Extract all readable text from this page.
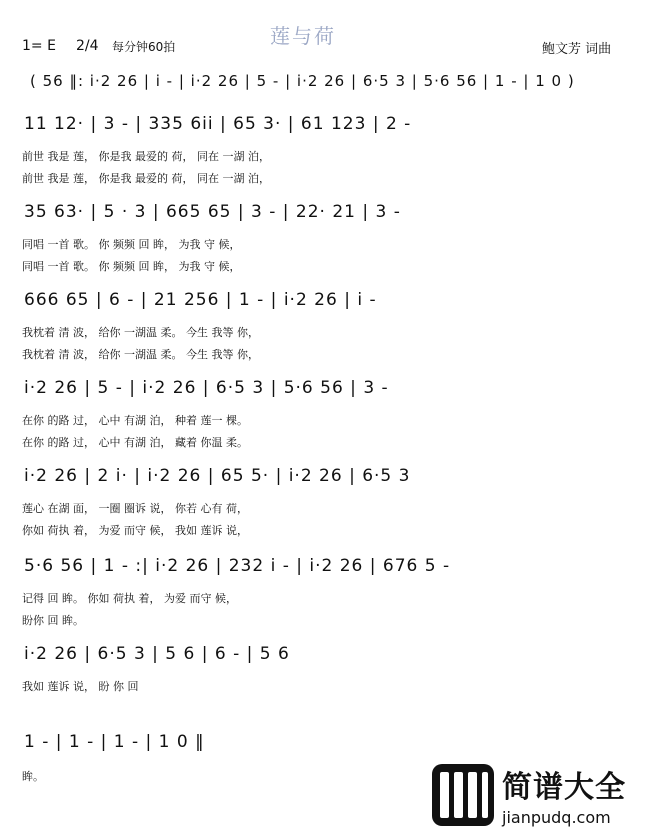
莲与荷
1= E 2/4 每分钟60拍	鲍文芳 词曲
( 56 ‖: i·2 26 | i - | i·2 26 | 5 - | i·2 26 | 6·5 3 | 5·6 56 | 1 - | 1 0 )
11 12· | 3 - | 335 6ii | 65 3· | 61 123 | 2 -
前世 我是 莲， 你是我 最爱的 荷， 同在 一湖 泊，
前世 我是 莲， 你是我 最爱的 荷， 同在 一湖 泊，
35 63· | 5 · 3 | 665 65 | 3 - | 22· 21 | 3 -
同唱 一首 歌。 你 频频 回 眸， 为我 守 候，
同唱 一首 歌。 你 频频 回 眸， 为我 守 候，
666 65 | 6 - | 21 256 | 1 - | i·2 26 | i -
我枕着 清 波， 给你 一湖温 柔。 今生 我等 你，
我枕着 清 波， 给你 一湖温 柔。 今生 我等 你，
i·2 26 | 5 - | i·2 26 | 6·5 3 | 5·6 56 | 3 -
在你 的路 过， 心中 有湖 泊， 种着 莲一 棵。
在你 的路 过， 心中 有湖 泊， 藏着 你温 柔。
i·2 26 | 2 i· | i·2 26 | 65 5· | i·2 26 | 6·5 3
莲心 在湖 面， 一圈 圈诉 说， 你若 心有 荷，
你如 荷执 着， 为爱 而守 候， 我如 莲诉 说，
5·6 56 | 1 - :| i·2 26 | 232 i - | i·2 26 | 676 5 -
记得 回 眸。 你如 荷执 着， 为爱 而守 候，
盼你 回 眸。
i·2 26 | 6·5 3 | 5 6 | 6 - | 5 6
我如 莲诉 说， 盼 你 回
1 - | 1 - | 1 - | 1 0 ‖
眸。	简谱大全
jianpudq.com
